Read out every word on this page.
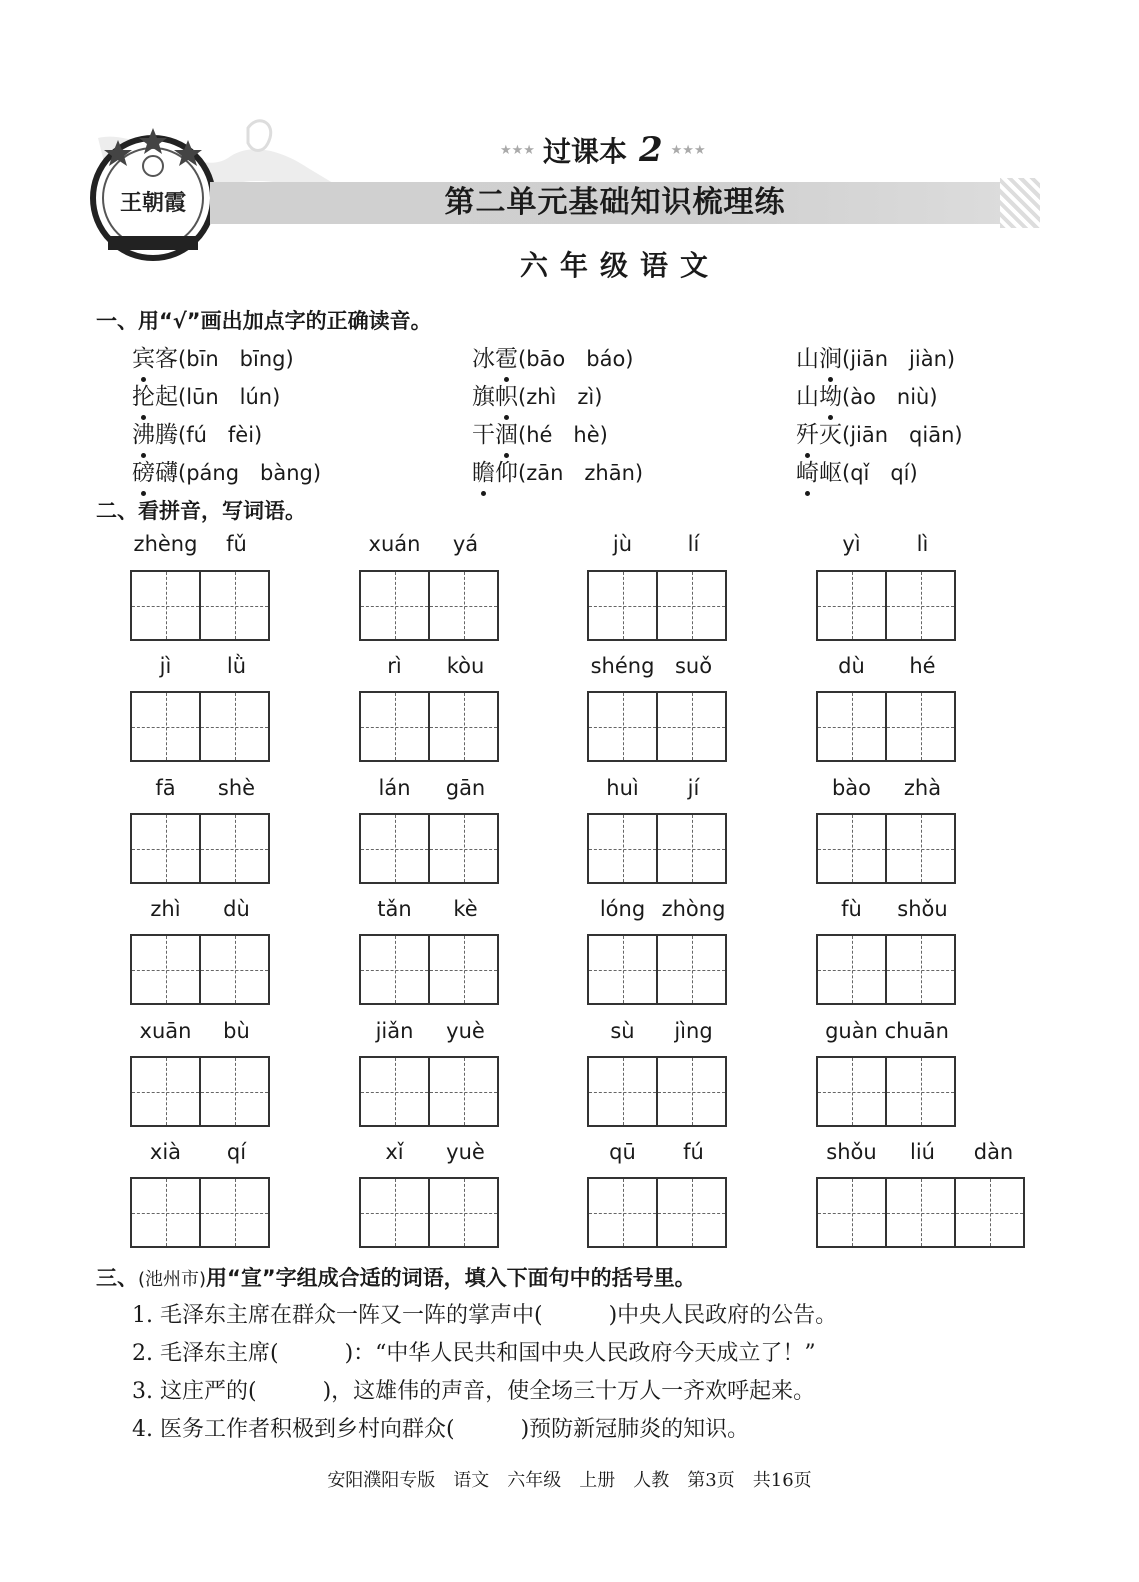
王朝霞
★★★ 过课本 2 ★★★
第二单元基础知识梳理练
六年级语文
一、用“√”画出加点字的正确读音。
宾客(bīn　bīng)	冰雹(bāo　báo)	山涧(jiān　jiàn)
抡起(lūn　lún)	旗帜(zhì　zì)	山坳(ào　niù)
沸腾(fú　fèi)	干涸(hé　hè)	歼灭(jiān　qiān)
磅礴(páng　bàng)	瞻仰(zān　zhān)	崎岖(qǐ　qí)
二、看拼音，写词语。
zhèng	fǔ	xuán	yá	jù	lí	yì	lì
jì	lǜ	rì	kòu	shéng suǒ	dù	hé
fā	shè	lán	gān	huì	jí	bào	zhà
zhì	dù	tǎn	kè	lóng zhòng	fù	shǒu
xuān	bù	jiǎn	yuè	sù	jìng	guàn chuān
xià	qí	xǐ	yuè	qū	fú	shǒu	liú	dàn
三、(池州市)用“宣”字组成合适的词语，填入下面句中的括号里。
1. 毛泽东主席在群众一阵又一阵的掌声中(　　　)中央人民政府的公告。
2. 毛泽东主席(　　　)：“中华人民共和国中央人民政府今天成立了！”
3. 这庄严的(　　　)，这雄伟的声音，使全场三十万人一齐欢呼起来。
4. 医务工作者积极到乡村向群众(　　　)预防新冠肺炎的知识。
安阳濮阳专版　语文　六年级　上册　人教　第3页　共16页
